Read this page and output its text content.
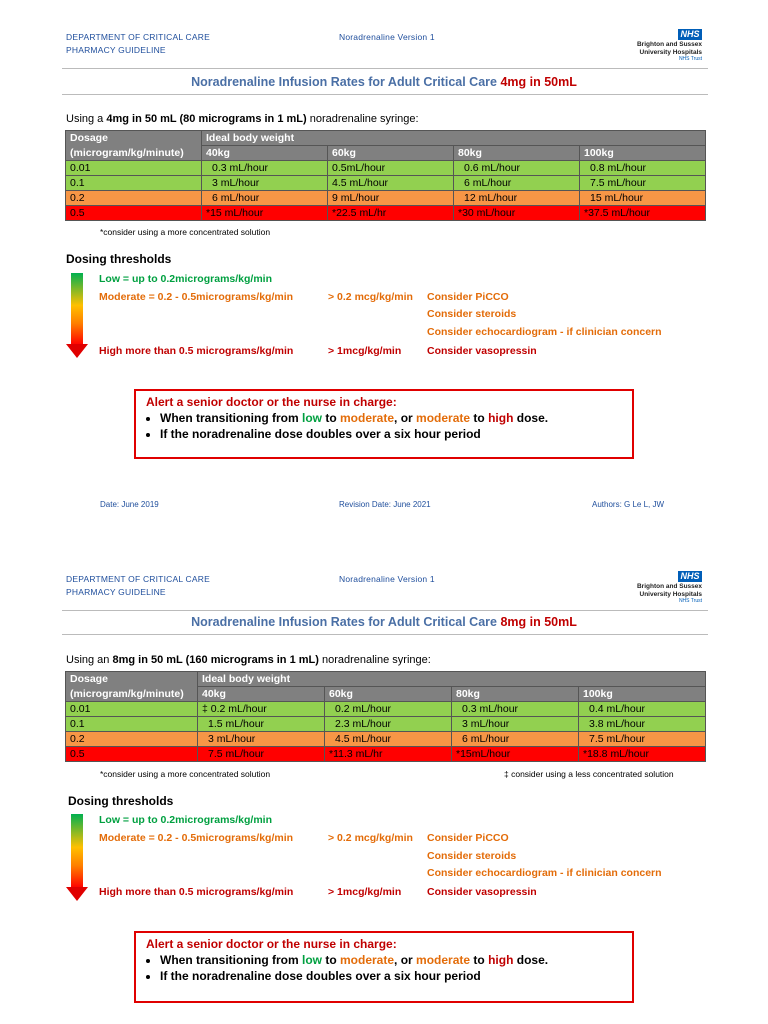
DEPARTMENT OF CRITICAL CARE
PHARMACY GUIDELINE
Noradrenaline Version 1	NHS
Brighton and Sussex
University Hospitals
NHS Trust
Noradrenaline Infusion Rates for Adult Critical Care 4mg in 50mL
Using a 4mg in 50 mL (80 micrograms in 1 mL) noradrenaline syringe:
Dosage	Ideal body weight			
(microgram/kg/minute)	40kg	60kg	80kg	100kg
0.01	0.3 mL/hour	0.5mL/hour	0.6 mL/hour	0.8 mL/hour
0.1	3 mL/hour	4.5 mL/hour	6 mL/hour	7.5 mL/hour
0.2	6 mL/hour	9 mL/hour	12 mL/hour	15 mL/hour
0.5	*15 mL/hour	*22.5 mL/hr	*30 mL/hour	*37.5 mL/hour
*consider using a more concentrated solution
Dosing thresholds
Low = up to 0.2micrograms/kg/min
Moderate = 0.2 - 0.5micrograms/kg/min	> 0.2 mcg/kg/min Consider PiCCO
Consider steroids
Consider echocardiogram - if clinician concern
High more than 0.5 micrograms/kg/min	> 1mcg/kg/min Consider vasopressin
Alert a senior doctor or the nurse in charge:
• When transitioning from low to moderate, or moderate to high dose.
• If the noradrenaline dose doubles over a six hour period
Date: June 2019	Revision Date: June 2021	Authors: G Le L, JW
DEPARTMENT OF CRITICAL CARE
PHARMACY GUIDELINE
Noradrenaline Version 1	NHS
Brighton and Sussex
University Hospitals
NHS Trust
Noradrenaline Infusion Rates for Adult Critical Care 8mg in 50mL
Using an 8mg in 50 mL (160 micrograms in 1 mL) noradrenaline syringe:
Dosage	Ideal body weight			
(microgram/kg/minute)	40kg	60kg	80kg	100kg
0.01	‡ 0.2 mL/hour	0.2 mL/hour	0.3 mL/hour	0.4 mL/hour
0.1	1.5 mL/hour	2.3 mL/hour	3 mL/hour	3.8 mL/hour
0.2	3 mL/hour	4.5 mL/hour	6 mL/hour	7.5 mL/hour
0.5	7.5 mL/hour	*11.3 mL/hr	*15mL/hour	*18.8 mL/hour
*consider using a more concentrated solution	‡ consider using a less concentrated solution
Dosing thresholds
Low = up to 0.2micrograms/kg/min
Moderate = 0.2 - 0.5micrograms/kg/min	> 0.2 mcg/kg/min Consider PiCCO
Consider steroids
Consider echocardiogram - if clinician concern
High more than 0.5 micrograms/kg/min	> 1mcg/kg/min Consider vasopressin
Alert a senior doctor or the nurse in charge:
• When transitioning from low to moderate, or moderate to high dose.
• If the noradrenaline dose doubles over a six hour period
